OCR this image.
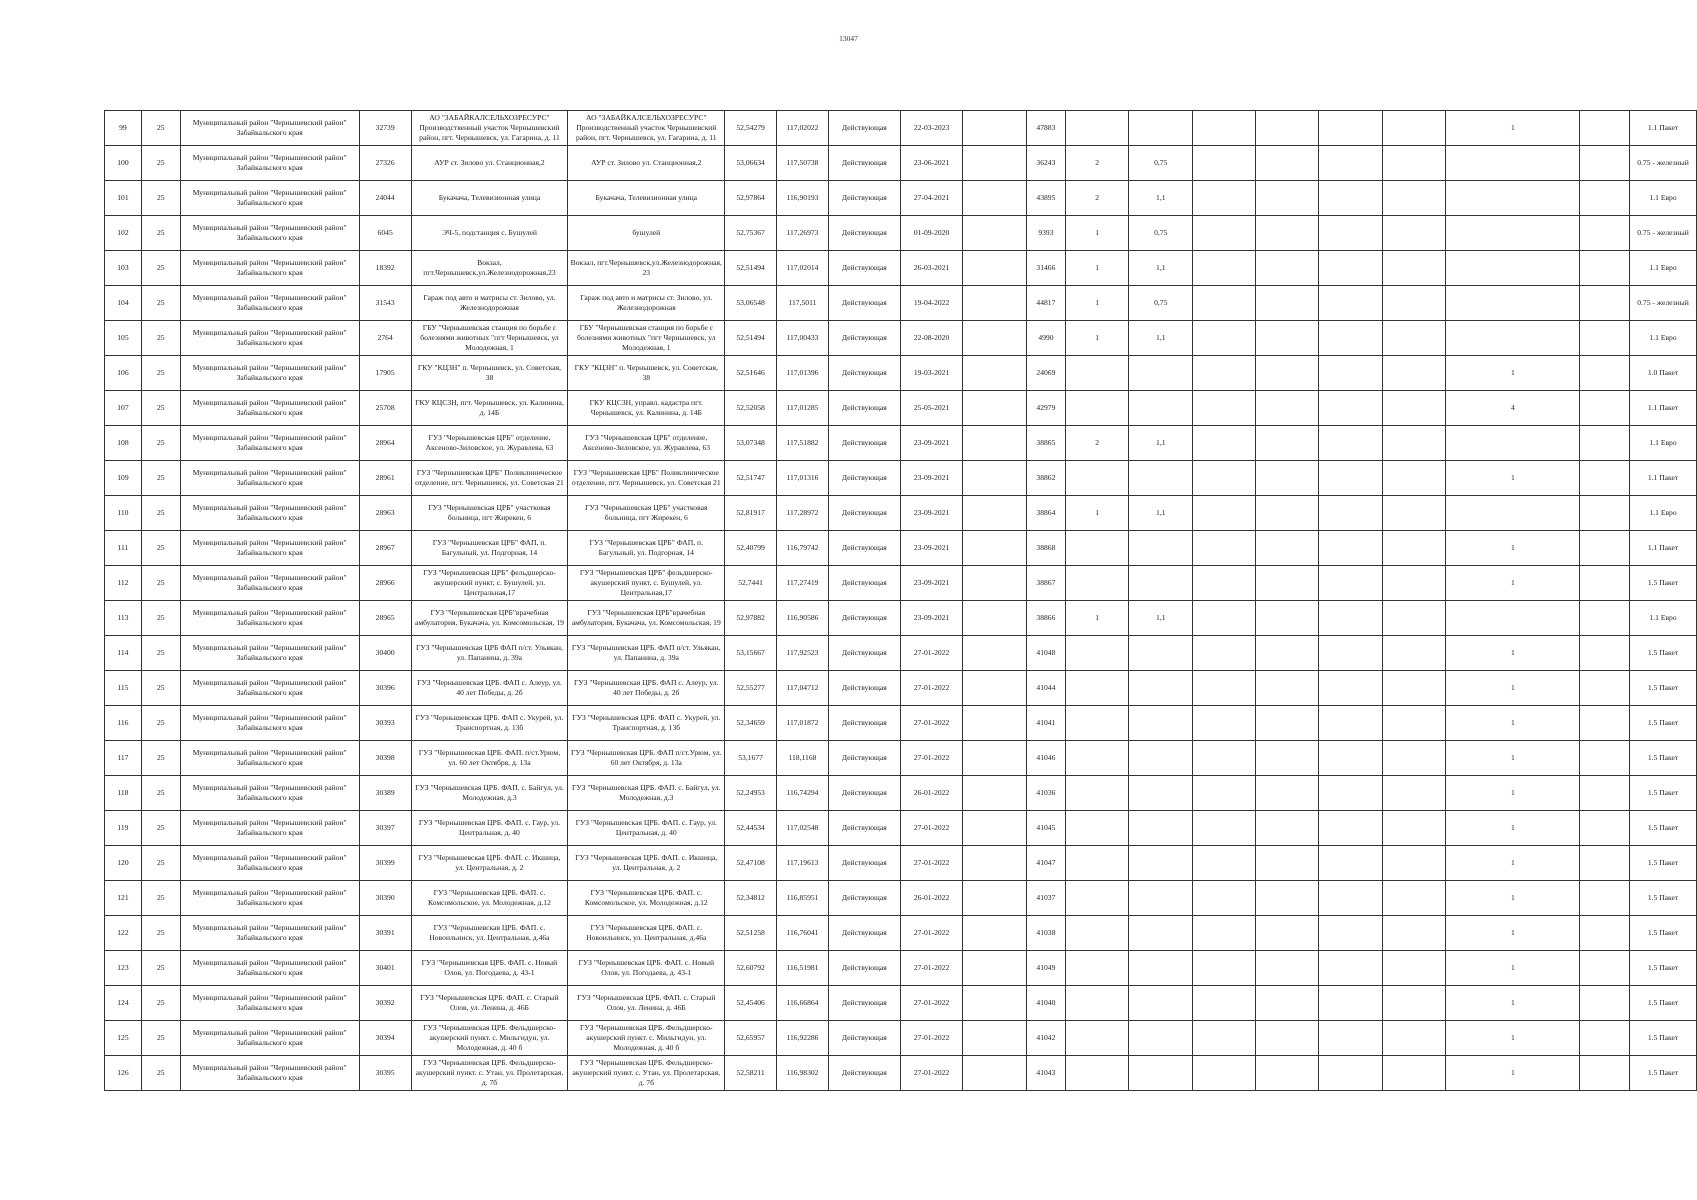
13047
99	25	Муниципальный район "Чернышевский район" Забайкальского края	32739	АО "ЗАБАЙКАЛСЕЛЬХОЗРЕСУРС" Производственный участок Чернышевский район, пгт. Чернышевск, ул. Гагарина, д. 11	АО "ЗАБАЙКАЛСЕЛЬХОЗРЕСУРС" Производственный участок Чернышевский район, пгт. Чернышевск, ул. Гагарина, д. 11	52,54279	117,02022	Действующая	22-03-2023		47883							1		1.1 Пакет

100	25	Муниципальный район "Чернышевский район" Забайкальского края	27326	АУР ст. Зилово ул. Станционная,2	АУР ст. Зилово ул. Станционная,2	53,06634	117,50738	Действующая	23-06-2021		36243	2	0,75							0.75 - железный

101	25	Муниципальный район "Чернышевский район" Забайкальского края	24044	Букачача, Телевизионная улица	Букачача, Телевизионная улица	52,97864	116,90193	Действующая	27-04-2021		43895	2	1,1							1.1 Евро

102	25	Муниципальный район "Чернышевский район" Забайкальского края	6045	ЭЧ-5, подстанция с. Бушулей	бушулей	52,75367	117,26973	Действующая	01-09-2020		9393	1	0,75							0.75 - железный

103	25	Муниципальный район "Чернышевский район" Забайкальского края	18392	Вокзал, пгт.Чернышевск,ул.Железнодорожная,23	Вокзал, пгт.Чернышевск,ул.Железнодорожная, 23	52,51494	117,02014	Действующая	26-03-2021		31466	1	1,1							1.1 Евро

104	25	Муниципальный район "Чернышевский район" Забайкальского края	31543	Гараж под авто и матрисы ст. Зилово, ул. Железнодорожная	Гараж под авто и матрисы ст. Зилово, ул. Железнодорожная	53,06548	117,5011	Действующая	19-04-2022		44817	1	0,75							0.75 - железный

105	25	Муниципальный район "Чернышевский район" Забайкальского края	2764	ГБУ "Чернышевская станция по борьбе с болезнями животных "пгт Чернышевск, ул Молодежная, 1	ГБУ "Чернышевская станция по борьбе с болезнями животных "пгт Чернышевск, ул Молодежная, 1	52,51494	117,00433	Действующая	22-08-2020		4990	1	1,1							1.1 Евро

106	25	Муниципальный район "Чернышевский район" Забайкальского края	17905	ГКУ "КЦЗН" п. Чернышевск, ул. Советская, 38	ГКУ "КЦЗН" п. Чернышевск, ул. Советская, 38	52,51646	117,01396	Действующая	19-03-2021		24069							1		1.0 Пакет

107	25	Муниципальный район "Чернышевский район" Забайкальского края	25708	ГКУ КЦСЗН, пгт. Чернышевск, ул. Калинина, д. 14Б	ГКУ КЦСЗН, управл. кадастра пгт. Чернышевск, ул. Калинина, д. 14Б	52,52058	117,01285	Действующая	25-05-2021		42979							4		1.1 Пакет

108	25	Муниципальный район "Чернышевский район" Забайкальского края	28964	ГУЗ "Чернышевская ЦРБ" отделение, Аксеново-Зиловское, ул. Журавлева, 63	ГУЗ "Чернышевская ЦРБ" отделение, Аксеново-Зиловское, ул. Журавлева, 63	53,07348	117,51882	Действующая	23-09-2021		38865	2	1,1							1.1 Евро

109	25	Муниципальный район "Чернышевский район" Забайкальского края	28961	ГУЗ "Чернышевская ЦРБ" Поликлиническое отделение, пгт. Чернышевск, ул. Советская 21	ГУЗ "Чернышевская ЦРБ" Поликлиническое отделение, пгт. Чернышевск, ул. Советская 21	52,51747	117,01316	Действующая	23-09-2021		38862							1		1.1 Пакет

110	25	Муниципальный район "Чернышевский район" Забайкальского края	28963	ГУЗ "Чернышевская ЦРБ" участковая больница, пгт Жирекен, 6	ГУЗ "Чернышевская ЦРБ" участковая больница, пгт Жирекен, 6	52,81917	117,28972	Действующая	23-09-2021		38864	1	1,1							1.1 Евро

111	25	Муниципальный район "Чернышевский район" Забайкальского края	28967	ГУЗ "Чернышевская ЦРБ" ФАП, п. Багульный, ул. Подгорная, 14	ГУЗ "Чернышевская ЦРБ" ФАП, п. Багульный, ул. Подгорная, 14	52,40799	116,79742	Действующая	23-09-2021		38868							1		1.1 Пакет

112	25	Муниципальный район "Чернышевский район" Забайкальского края	28966	ГУЗ "Чернышевская ЦРБ" фельдшерско-акушерский пункт, с. Бушулей, ул. Центральная,17	ГУЗ "Чернышевская ЦРБ" фельдшерско-акушерский пункт, с. Бушулей, ул. Центральная,17	52,7441	117,27419	Действующая	23-09-2021		38867							1		1.5 Пакет

113	25	Муниципальный район "Чернышевский район" Забайкальского края	28965	ГУЗ "Чернышевская ЦРБ"врачебная амбулатория, Букачача, ул. Комсомольская, 19	ГУЗ "Чернышевская ЦРБ"врачебная амбулатория, Букачача, ул. Комсомольская, 19	52,97882	116,90586	Действующая	23-09-2021		38866	1	1,1							1.1 Евро

114	25	Муниципальный район "Чернышевский район" Забайкальского края	30400	ГУЗ "Чернышевская ЦРБ ФАП п/ст. Ульякан, ул. Папанина, д. 39а	ГУЗ "Чернышевская ЦРБ. ФАП п/ст. Ульякан, ул. Папанина, д. 39а	53,15667	117,92523	Действующая	27-01-2022		41048							1		1.5 Пакет

115	25	Муниципальный район "Чернышевский район" Забайкальского края	30396	ГУЗ "Чернышевская ЦРБ. ФАП с. Алеур, ул. 40 лет Победы, д. 2б	ГУЗ "Чернышевская ЦРБ. ФАП с. Алеур, ул. 40 лет Победы, д. 2б	52,55277	117,04712	Действующая	27-01-2022		41044							1		1.5 Пакет

116	25	Муниципальный район "Чернышевский район" Забайкальского края	30393	ГУЗ "Чернышевская ЦРБ. ФАП с. Укурей, ул. Транспортная, д. 13б	ГУЗ "Чернышевская ЦРБ. ФАП с. Укурей, ул. Транспортная, д. 13б	52,34659	117,01872	Действующая	27-01-2022		41041							1		1.5 Пакет

117	25	Муниципальный район "Чернышевский район" Забайкальского края	30398	ГУЗ "Чернышевская ЦРБ. ФАП. п/ст.Урюм, ул. 60 лет Октября, д. 13а	ГУЗ "Чернышевская ЦРБ. ФАП п/ст.Урюм, ул. 60 лет Октября, д. 13а	53,1677	118,1168	Действующая	27-01-2022		41046							1		1.5 Пакет

118	25	Муниципальный район "Чернышевский район" Забайкальского края	30389	ГУЗ "Чернышевская ЦРБ. ФАП. с. Байгул, ул. Молодежная, д.3	ГУЗ "Чернышевская ЦРБ. ФАП. с. Байгул, ул. Молодежная, д.3	52,24953	116,74294	Действующая	26-01-2022		41036							1		1.5 Пакет

119	25	Муниципальный район "Чернышевский район" Забайкальского края	30397	ГУЗ "Чернышевская ЦРБ. ФАП. с. Гаур, ул. Центральная, д. 40	ГУЗ "Чернышевская ЦРБ. ФАП. с. Гаур, ул. Центральная, д. 40	52,44534	117,02548	Действующая	27-01-2022		41045							1		1.5 Пакет

120	25	Муниципальный район "Чернышевский район" Забайкальского края	30399	ГУЗ "Чернышевская ЦРБ. ФАП. с. Икшица, ул. Центральная, д. 2	ГУЗ "Чернышевская ЦРБ. ФАП. с. Икшица, ул. Центральная, д. 2	52,47108	117,19613	Действующая	27-01-2022		41047							1		1.5 Пакет

121	25	Муниципальный район "Чернышевский район" Забайкальского края	30390	ГУЗ "Чернышевская ЦРБ. ФАП. с. Комсомольское, ул. Молодежная, д.12	ГУЗ "Чернышевская ЦРБ. ФАП. с. Комсомольское, ул. Молодежная, д.12	52,34812	116,85951	Действующая	26-01-2022		41037							1		1.5 Пакет

122	25	Муниципальный район "Чернышевский район" Забайкальского края	30391	ГУЗ "Чернышевская ЦРБ. ФАП. с. Новоильинск, ул. Центральная, д.46а	ГУЗ "Чернышевская ЦРБ. ФАП. с. Новоильинск, ул. Центральная, д.46а	52,51258	116,76041	Действующая	27-01-2022		41038							1		1.5 Пакет

123	25	Муниципальный район "Чернышевский район" Забайкальского края	30401	ГУЗ "Чернышевская ЦРБ. ФАП. с. Новый Олов, ул. Погодаева, д. 43-1	ГУЗ "Чернышевская ЦРБ. ФАП. с. Новый Олов, ул. Погодаева, д. 43-1	52,60792	116,51981	Действующая	27-01-2022		41049							1		1.5 Пакет

124	25	Муниципальный район "Чернышевский район" Забайкальского края	30392	ГУЗ "Чернышевская ЦРБ. ФАП. с. Старый Олов, ул. Ленина, д. 46Б	ГУЗ "Чернышевская ЦРБ. ФАП. с. Старый Олов, ул. Ленина, д. 46Б	52,45406	116,66864	Действующая	27-01-2022		41040							1		1.5 Пакет

125	25	Муниципальный район "Чернышевский район" Забайкальского края	30394	ГУЗ "Чернышевская ЦРБ. Фельдшерско-акушерский пункт. с. Мильгидун, ул. Молодежная, д. 40 б	ГУЗ "Чернышевская ЦРБ. Фельдшерско-акушерский пункт. с. Мильгидун, ул. Молодежная, д. 40 б	52,65957	116,92286	Действующая	27-01-2022		41042							1		1.5 Пакет

126	25	Муниципальный район "Чернышевский район" Забайкальского края	30395	ГУЗ "Чернышевская ЦРБ. Фельдшерско-акушерский пункт. с. Утан, ул. Пролетарская, д. 7б	ГУЗ "Чернышевская ЦРБ. Фельдшерско-акушерский пункт. с. Утан, ул. Пролетарская, д. 7б	52,58211	116,98302	Действующая	27-01-2022		41043							1		1.5 Пакет
